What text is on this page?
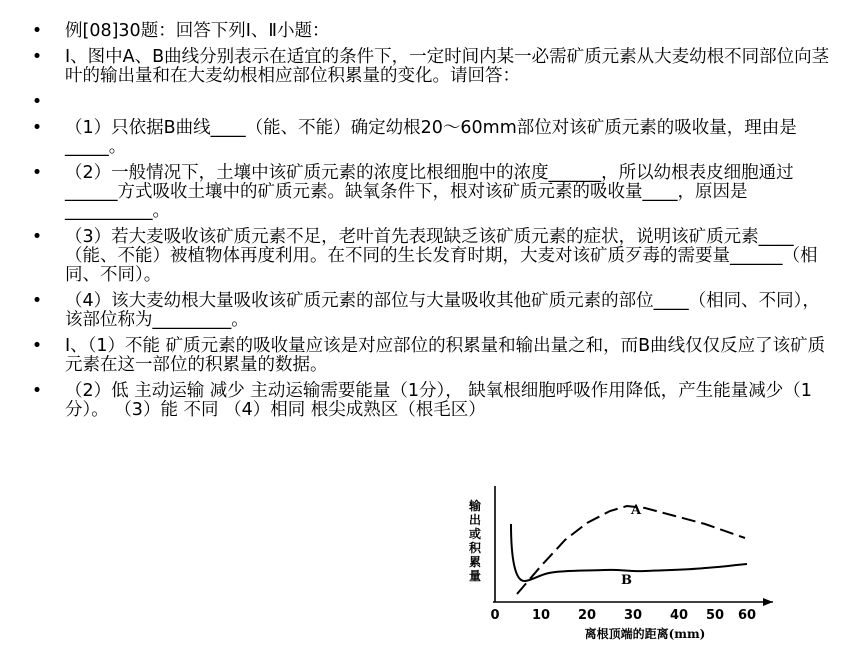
• 例[08]30题：回答下列Ⅰ、Ⅱ小题：
• Ⅰ、图中A、B曲线分别表示在适宜的条件下，一定时间内某一必需矿质元素从大麦幼根不同部位向茎叶的输出量和在大麦幼根相应部位积累量的变化。请回答：
•
• （1）只依据B曲线____（能、不能）确定幼根20～60mm部位对该矿质元素的吸收量，理由是_____。
• （2）一般情况下，土壤中该矿质元素的浓度比根细胞中的浓度______，所以幼根表皮细胞通过______方式吸收土壤中的矿质元素。缺氧条件下，根对该矿质元素的吸收量____，原因是__________。
• （3）若大麦吸收该矿质元素不足，老叶首先表现缺乏该矿质元素的症状，说明该矿质元素____（能、不能）被植物体再度利用。在不同的生长发育时期，大麦对该矿质歹毒的需要量______（相同、不同）。
• （4）该大麦幼根大量吸收该矿质元素的部位与大量吸收其他矿质元素的部位____（相同、不同），该部位称为_________。
• Ⅰ、（1）不能 矿质元素的吸收量应该是对应部位的积累量和输出量之和，而B曲线仅仅反应了该矿质元素在这一部位的积累量的数据。
• （2）低 主动运输 减少 主动运输需要能量（1分）， 缺氧根细胞呼吸作用降低，产生能量减少（1分）。 （3）能 不同 （4）相同 根尖成熟区（根毛区）
输
出
或
积
累
量
0 10 20 30 40 50 60
离根顶端的距离(mm)
A
B
